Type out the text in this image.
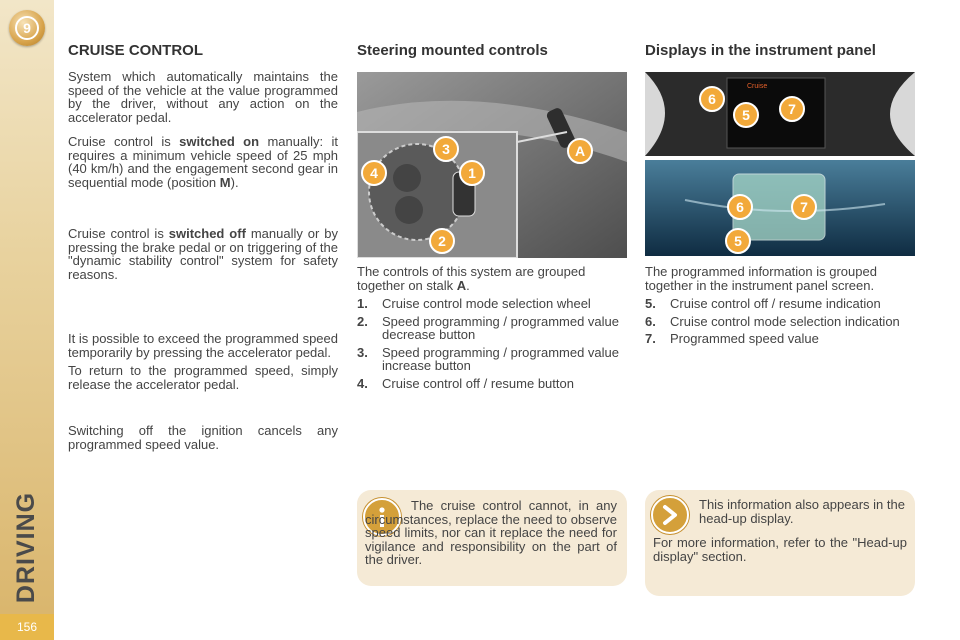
9
DRIVING
156
CRUISE CONTROL

System which automatically maintains the speed of the vehicle at the value programmed by the driver, without any action on the accelerator pedal.

Cruise control is switched on manually: it requires a minimum vehicle speed of 25 mph (40 km/h) and the engagement second gear in sequential mode (position M).

Cruise control is switched off manually or by pressing the brake pedal or on triggering of the "dynamic stability control" system for safety reasons.

It is possible to exceed the programmed speed temporarily by pressing the accelerator pedal.

To return to the programmed speed, simply release the accelerator pedal.

Switching off the ignition cancels any programmed speed value.

Steering mounted controls
3
4	1
2
A

The controls of this system are grouped together on stalk A.

1.	Cruise control mode selection wheel
2.	Speed programming / programmed value decrease button
3.	Speed programming / programmed value increase button
4.	Cruise control off / resume button

The cruise control cannot, in any circumstances, replace the need to observe speed limits, nor can it replace the need for vigilance and responsibility on the part of the driver.

Displays in the instrument panel
Cruise
6
5	7
6	7
5

The programmed information is grouped together in the instrument panel screen.

5.	Cruise control off / resume indication
6.	Cruise control mode selection indication
7.	Programmed speed value

This information also appears in the head-up display.

For more information, refer to the "Head-up display" section.
